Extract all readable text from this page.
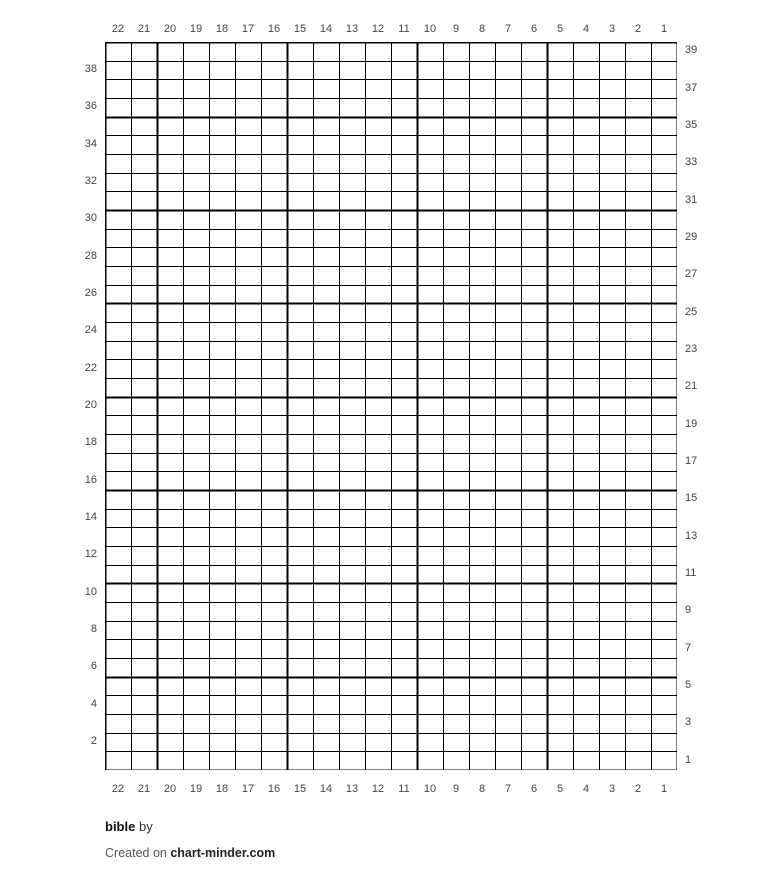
22	21	20	19	18	17	16	15	14	13	12	11	10	9	8	7	6	5	4	3	2	1
22	21	20	19	18	17	16	15	14	13	12	11	10	9	8	7	6	5	4	3	2	1
38
36
34
32
30
28
26
24
22
20
18
16
14
12
10
8
6
4
2
39
37
35
33
31
29
27
25
23
21
19
17
15
13
11
9
7
5
3
1
bible by
Created on chart-minder.com
